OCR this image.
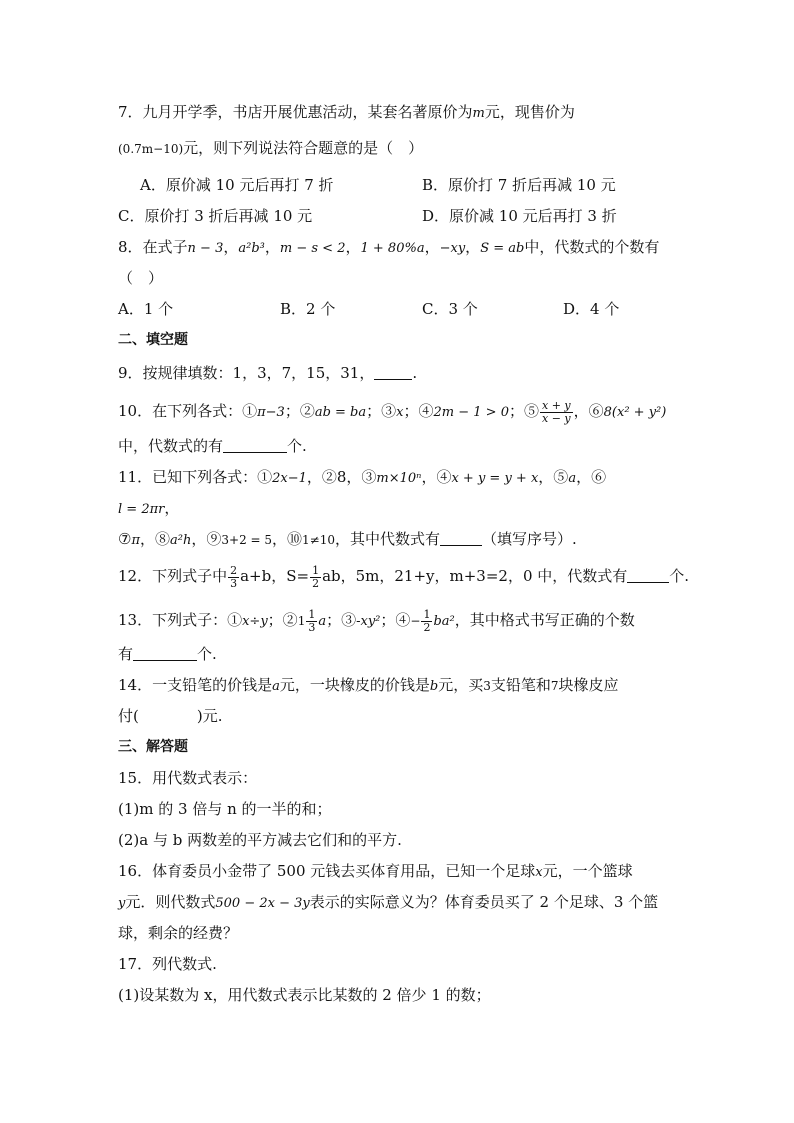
7．九月开学季，书店开展优惠活动，某套名著原价为m元，现售价为
(0.7m−10)元，则下列说法符合题意的是（　）
A．原价减 10 元后再打 7 折	B．原价打 7 折后再减 10 元
C．原价打 3 折后再减 10 元	D．原价减 10 元后再打 3 折
8．在式子n − 3，a²b³，m − s < 2，1 + 80%a，−xy，S = ab中，代数式的个数有
（　）
A．1 个	B．2 个	C．3 个	D．4 个
二、填空题
9．按规律填数：1，3，7，15，31，	.
10．在下列各式：①π−3；②ab = ba；③x；④2m − 1 > 0；⑤ $\frac{x + y}{x - y}$ ，⑥8(x² + y²)
中，代数式的有	个.
11．已知下列各式：①2x−1，②8，③m×10ⁿ，④x + y = y + x，⑤a，⑥
l = 2πr，
⑦π，⑧a²h，⑨3+2 = 5，⑩1≠10，其中代数式有	（填写序号）.
12．下列式子中 $\frac{2}{3} a+b$，$S= \frac{1}{2}$ ab，5m，21+y，m+3=2，0 中，代数式有	个.
13．下列式子：①x÷y；②1 $\frac{1}{3}$ a；③-xy²；④− $\frac{1}{2} ba^2$，其中格式书写正确的个数
有	个.
14．一支铅笔的价钱是a元，一块橡皮的价钱是b元，买3支铅笔和7块橡皮应
付(	)元.
三、解答题
15．用代数式表示：
(1)m 的 3 倍与 n 的一半的和；
(2)a 与 b 两数差的平方减去它们和的平方.
16．体育委员小金带了 500 元钱去买体育用品，已知一个足球x元，一个篮球
y元．则代数式500 − 2x − 3y表示的实际意义为？体育委员买了 2 个足球、3 个篮
球，剩余的经费？
17．列代数式.
(1)设某数为 x，用代数式表示比某数的 2 倍少 1 的数；
